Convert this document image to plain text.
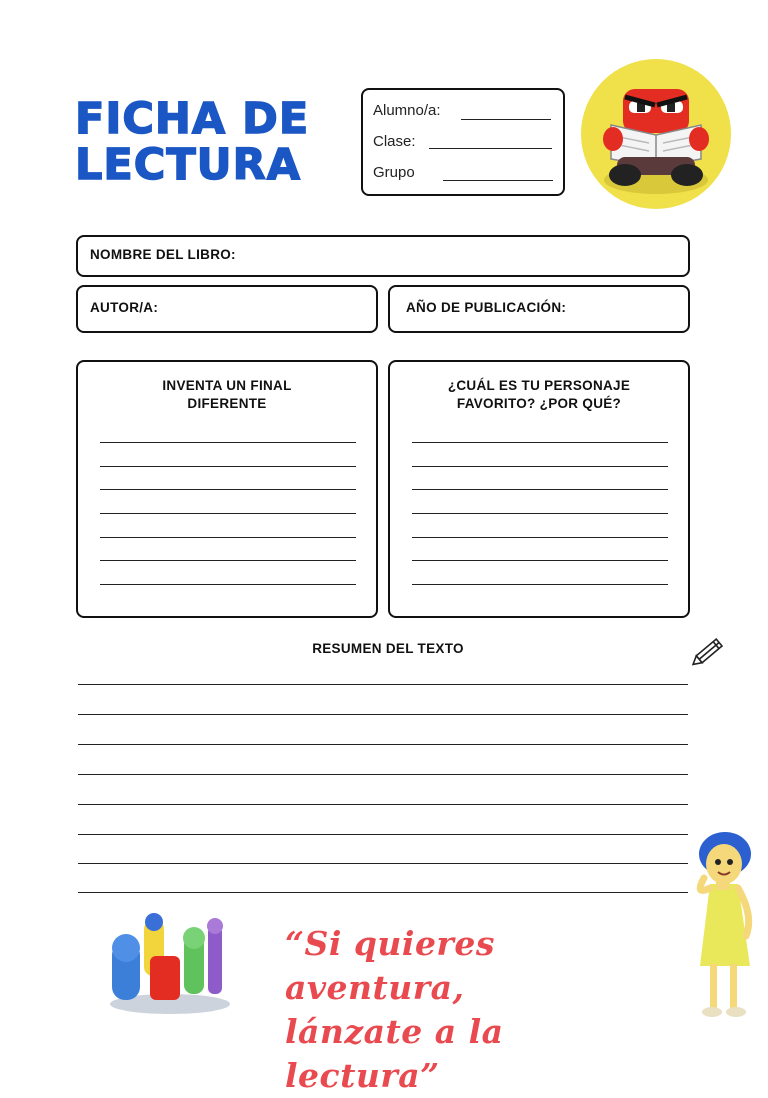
FICHA DE
LECTURA
Alumno/a:
Clase:
Grupo
NOMBRE DEL LIBRO:
AUTOR/A:	AÑO DE PUBLICACIÓN:
INVENTA UN FINAL
DIFERENTE
¿CUÁL ES TU PERSONAJE
FAVORITO? ¿POR QUÉ?
RESUMEN DEL TEXTO
“Si quieres aventura,
lánzate a la lectura”
